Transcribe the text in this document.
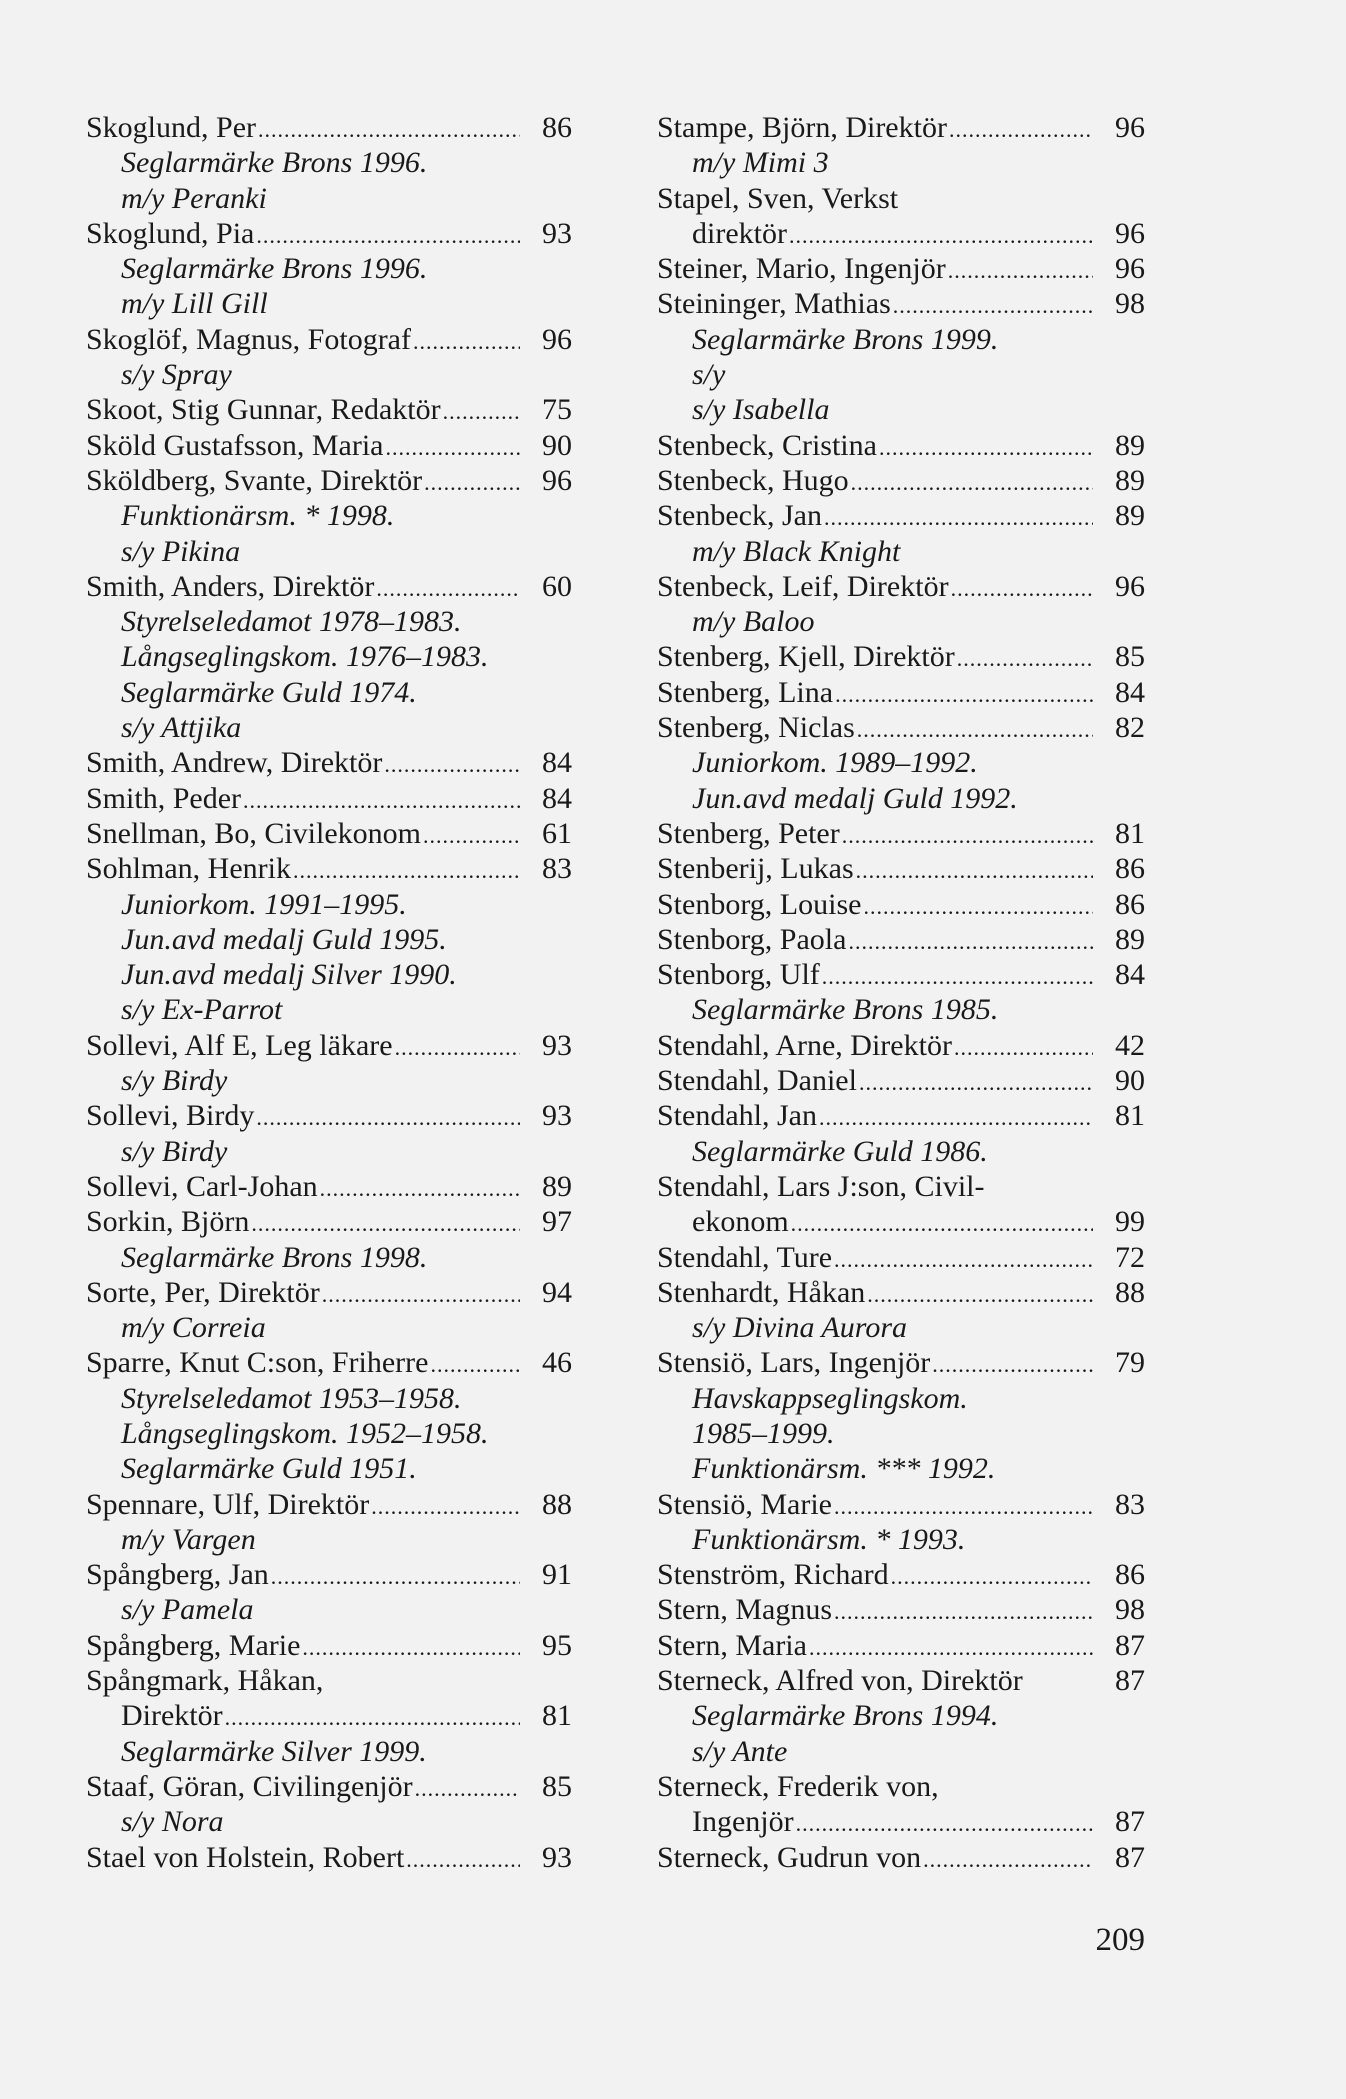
Skoglund, Per .....	86
Seglarmärke Brons 1996.
m/y Peranki
Skoglund, Pia .....	93
Seglarmärke Brons 1996.
m/y Lill Gill
Skoglöf, Magnus, Fotograf .....	96
s/y Spray
Skoot, Stig Gunnar, Redaktör .....	75
Sköld Gustafsson, Maria .....	90
Sköldberg, Svante, Direktör .....	96
Funktionärsm. * 1998.
s/y Pikina
Smith, Anders, Direktör .....	60
Styrelseledamot 1978–1983.
Långseglingskom. 1976–1983.
Seglarmärke Guld 1974.
s/y Attjika
Smith, Andrew, Direktör .....	84
Smith, Peder .....	84
Snellman, Bo, Civilekonom .....	61
Sohlman, Henrik .....	83
Juniorkom. 1991–1995.
Jun.avd medalj Guld 1995.
Jun.avd medalj Silver 1990.
s/y Ex-Parrot
Sollevi, Alf E, Leg läkare .....	93
s/y Birdy
Sollevi, Birdy .....	93
s/y Birdy
Sollevi, Carl-Johan .....	89
Sorkin, Björn .....	97
Seglarmärke Brons 1998.
Sorte, Per, Direktör .....	94
m/y Correia
Sparre, Knut C:son, Friherre .....	46
Styrelseledamot 1953–1958.
Långseglingskom. 1952–1958.
Seglarmärke Guld 1951.
Spennare, Ulf, Direktör .....	88
m/y Vargen
Spångberg, Jan .....	91
s/y Pamela
Spångberg, Marie .....	95
Spångmark, Håkan,
Direktör .....	81
Seglarmärke Silver 1999.
Staaf, Göran, Civilingenjör .....	85
s/y Nora
Stael von Holstein, Robert .....	93
Stampe, Björn, Direktör .....	96
m/y Mimi 3
Stapel, Sven, Verkst
direktör .....	96
Steiner, Mario, Ingenjör .....	96
Steininger, Mathias .....	98
Seglarmärke Brons 1999.
s/y
s/y Isabella
Stenbeck, Cristina .....	89
Stenbeck, Hugo .....	89
Stenbeck, Jan .....	89
m/y Black Knight
Stenbeck, Leif, Direktör .....	96
m/y Baloo
Stenberg, Kjell, Direktör .....	85
Stenberg, Lina .....	84
Stenberg, Niclas .....	82
Juniorkom. 1989–1992.
Jun.avd medalj Guld 1992.
Stenberg, Peter .....	81
Stenberij, Lukas .....	86
Stenborg, Louise .....	86
Stenborg, Paola .....	89
Stenborg, Ulf .....	84
Seglarmärke Brons 1985.
Stendahl, Arne, Direktör .....	42
Stendahl, Daniel .....	90
Stendahl, Jan .....	81
Seglarmärke Guld 1986.
Stendahl, Lars J:son, Civil-
ekonom .....	99
Stendahl, Ture .....	72
Stenhardt, Håkan .....	88
s/y Divina Aurora
Stensiö, Lars, Ingenjör .....	79
Havskappseglingskom.
1985–1999.
Funktionärsm. *** 1992.
Stensiö, Marie .....	83
Funktionärsm. * 1993.
Stenström, Richard .....	86
Stern, Magnus .....	98
Stern, Maria .....	87
Sterneck, Alfred von, Direktör	87
Seglarmärke Brons 1994.
s/y Ante
Sterneck, Frederik von,
Ingenjör .....	87
Sterneck, Gudrun von .....	87
209
